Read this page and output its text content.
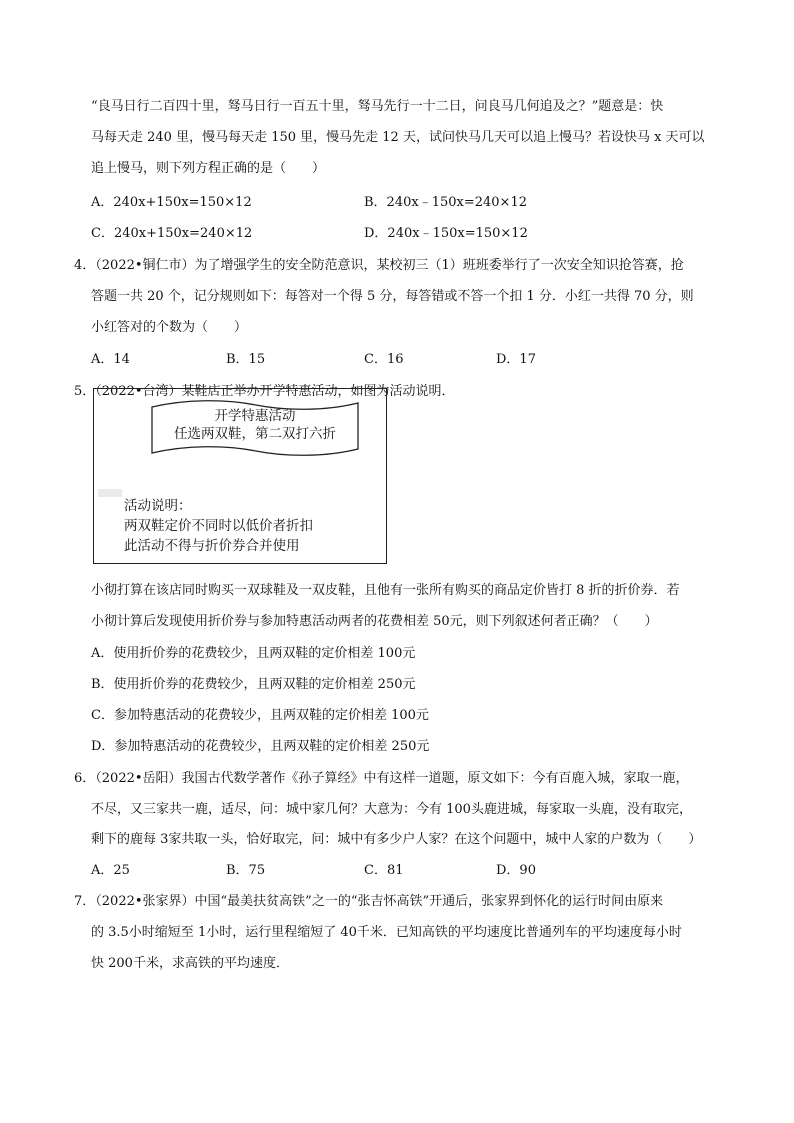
“良马日行二百四十里，驽马日行一百五十里，驽马先行一十二日，问良马几何追及之？”题意是：快
马每天走 240 里，慢马每天走 150 里，慢马先走 12 天，试问快马几天可以追上慢马？若设快马 x 天可以
追上慢马，则下列方程正确的是（　　）
A．240x+150x=150×12	B．240x﹣150x=240×12
C．240x+150x=240×12	D．240x﹣150x=150×12
4．（2022•铜仁市）为了增强学生的安全防范意识，某校初三（1）班班委举行了一次安全知识抢答赛，抢
答题一共 20 个，记分规则如下：每答对一个得 5 分，每答错或不答一个扣 1 分．小红一共得 70 分，则
小红答对的个数为（　　）
A．14	B．15	C．16	D．17
5．（2022•台湾）某鞋店正举办开学特惠活动，如图为活动说明．
开学特惠活动
任选两双鞋，第二双打六折
活动说明：
两双鞋定价不同时以低价者折扣
此活动不得与折价券合并使用
小彻打算在该店同时购买一双球鞋及一双皮鞋，且他有一张所有购买的商品定价皆打 8 折的折价券．若
小彻计算后发现使用折价券与参加特惠活动两者的花费相差 50元，则下列叙述何者正确？（　　）
A．使用折价券的花费较少，且两双鞋的定价相差 100元
B．使用折价券的花费较少，且两双鞋的定价相差 250元
C．参加特惠活动的花费较少，且两双鞋的定价相差 100元
D．参加特惠活动的花费较少，且两双鞋的定价相差 250元
6．（2022•岳阳）我国古代数学著作《孙子算经》中有这样一道题，原文如下：今有百鹿入城，家取一鹿，
不尽，又三家共一鹿，适尽，问：城中家几何？大意为：今有 100头鹿进城，每家取一头鹿，没有取完，
剩下的鹿每 3家共取一头，恰好取完，问：城中有多少户人家？在这个问题中，城中人家的户数为（　　）
A．25	B．75	C．81	D．90
7．（2022•张家界）中国“最美扶贫高铁”之一的“张吉怀高铁”开通后，张家界到怀化的运行时间由原来
的 3.5小时缩短至 1小时，运行里程缩短了 40千米．已知高铁的平均速度比普通列车的平均速度每小时
快 200千米，求高铁的平均速度．
